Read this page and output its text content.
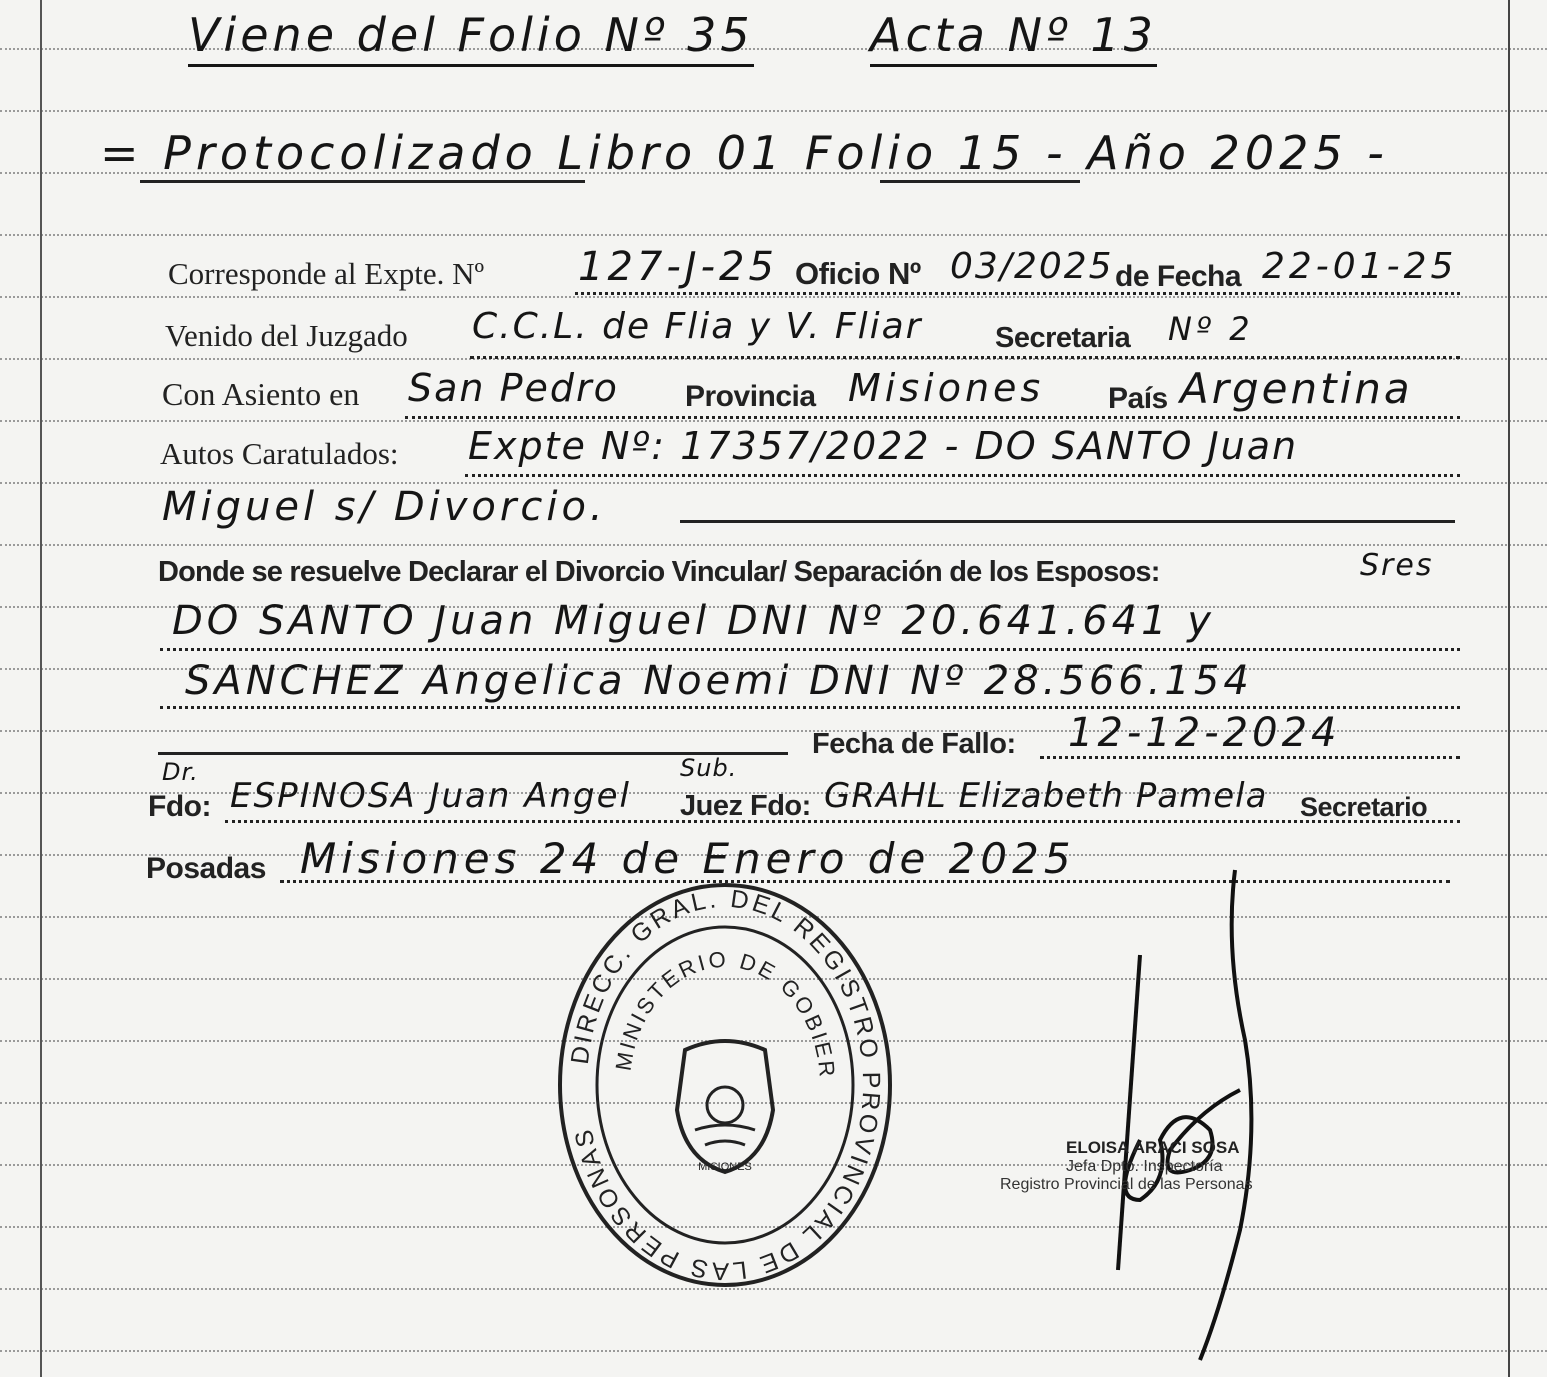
Viene del Folio Nº 35	Acta Nº 13
= Protocolizado Libro 01 Folio 15 - Año 2025 -
Corresponde al Expte. Nº 127-J-25 Oficio Nº 03/2025 de Fecha 22-01-25
Venido del Juzgado C.C.L. de Flia y V. Fliar	Secretaria Nº 2
Con Asiento en San Pedro Provincia Misiones País Argentina
Autos Caratulados: Expte Nº: 17357/2022 - DO SANTO Juan
Miguel s/ Divorcio.
Donde se resuelve Declarar el Divorcio Vincular/ Separación de los Esposos:	Sres
DO SANTO Juan Miguel DNI Nº 20.641.641 y
SANCHEZ Angelica Noemi DNI Nº 28.566.154
Fecha de Fallo: 12-12-2024
Dr.	Sub.
Fdo: ESPINOSA Juan Angel Juez Fdo: GRAHL Elizabeth Pamela Secretario
Posadas Misiones 24 de Enero de 2025
DIRECC. GRAL. DEL REGISTRO PROVINCIAL DE LAS PERSONAS
MINISTERIO DE GOBIER
MISIONES
ELOISA ARACI SOSA
Jefa Dpto. Inspectoría
Registro Provincial de las Personas
